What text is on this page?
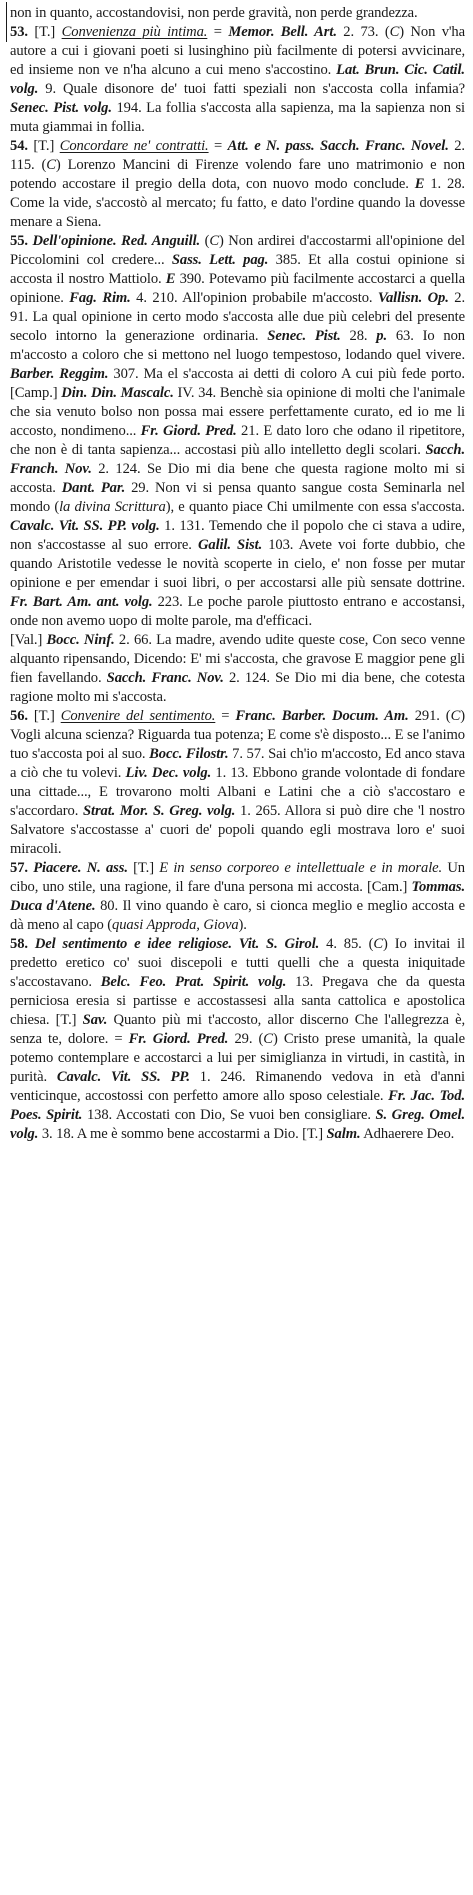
non in quanto, accostandovisi, non perde gravità, non perde grandezza.

53. [T.] Convenienza più intima. = Memor. Bell. Art. 2. 73. (C) Non v'ha autore a cui i giovani poeti si lusinghino più facilmente di potersi avvicinare, ed insieme non ve n'ha alcuno a cui meno s'accostino. Lat. Brun. Cic. Catil. volg. 9. Quale disonore de' tuoi fatti speziali non s'accosta colla infamia? Senec. Pist. volg. 194. La follia s'accosta alla sapienza, ma la sapienza non si muta giammai in follia.

54. [T.] Concordare ne' contratti. = Att. e N. pass. Sacch. Franc. Novel. 2. 115. (C) Lorenzo Mancini di Firenze volendo fare uno matrimonio e non potendo accostare il pregio della dota, con nuovo modo conclude. E 1. 28. Come la vide, s'accostò al mercato; fu fatto, e dato l'ordine quando la dovesse menare a Siena.

55. Dell'opinione. Red. Anguill. (C) Non ardirei d'accostarmi all'opinione del Piccolomini col credere... Sass. Lett. pag. 385. Et alla costui opinione si accosta il nostro Mattiolo. E 390. Potevamo più facilmente accostarci a quella opinione. Fag. Rim. 4. 210. All'opinion probabile m'accosto. Vallisn. Op. 2. 91. La qual opinione in certo modo s'accosta alle due più celebri del presente secolo intorno la generazione ordinaria. Senec. Pist. 28. p. 63. Io non m'accosto a coloro che si mettono nel luogo tempestoso, lodando quel vivere. Barber. Reggim. 307. Ma el s'accosta ai detti di coloro A cui più fede porto. [Camp.] Din. Din. Mascalc. IV. 34. Benchè sia opinione di molti che l'animale che sia venuto bolso non possa mai essere perfettamente curato, ed io me li accosto, nondimeno... Fr. Giord. Pred. 21. E dato loro che odano il ripetitore, che non è di tanta sapienza... accostasi più allo intelletto degli scolari. Sacch. Franch. Nov. 2. 124. Se Dio mi dia bene che questa ragione molto mi si accosta. Dant. Par. 29. Non vi si pensa quanto sangue costa Seminarla nel mondo (la divina Scrittura), e quanto piace Chi umilmente con essa s'accosta. Cavalc. Vit. SS. PP. volg. 1. 131. Temendo che il popolo che ci stava a udire, non s'accostasse al suo errore. Galil. Sist. 103. Avete voi forte dubbio, che quando Aristotile vedesse le novità scoperte in cielo, e' non fosse per mutar opinione e per emendar i suoi libri, o per accostarsi alle più sensate dottrine. Fr. Bart. Am. ant. volg. 223. Le poche parole piuttosto entrano e accostansi, onde non avemo uopo di molte parole, ma d'efficaci.

[Val.] Bocc. Ninf. 2. 66. La madre, avendo udite queste cose, Con seco venne alquanto ripensando, Dicendo: E' mi s'accosta, che gravose E maggior pene gli fien favellando. Sacch. Franc. Nov. 2. 124. Se Dio mi dia bene, che cotesta ragione molto mi s'accosta.

56. [T.] Convenire del sentimento. = Franc. Barber. Docum. Am. 291. (C) Vogli alcuna scienza? Riguarda tua potenza; E come s'è disposto... E se l'animo tuo s'accosta poi al suo. Bocc. Filostr. 7. 57. Sai ch'io m'accosto, Ed anco stava a ciò che tu volevi. Liv. Dec. volg. 1. 13. Ebbono grande volontade di fondare una cittade..., E trovarono molti Albani e Latini che a ciò s'accostaro e s'accordaro. Strat. Mor. S. Greg. volg. 1. 265. Allora si può dire che 'l nostro Salvatore s'accostasse a' cuori de' popoli quando egli mostrava loro e' suoi miracoli.

57. Piacere. N. ass. [T.] E in senso corporeo e intellettuale e in morale. Un cibo, uno stile, una ragione, il fare d'una persona mi accosta. [Cam.] Tommas. Duca d'Atene. 80. Il vino quando è caro, si cionca meglio e meglio accosta e dà meno al capo (quasi Approda, Giova).

58. Del sentimento e idee religiose. Vit. S. Girol. 4. 85. (C) Io invitai il predetto eretico co' suoi discepoli e tutti quelli che a questa iniquitade s'accostavano. Belc. Feo. Prat. Spirit. volg. 13. Pregava che da questa perniciosa eresia si partisse e accostassesi alla santa cattolica e apostolica chiesa. [T.] Sav. Quanto più mi t'accosto, allor discerno Che l'allegrezza è, senza te, dolore. = Fr. Giord. Pred. 29. (C) Cristo prese umanità, la quale potemo contemplare e accostarci a lui per simiglianza in virtudi, in castità, in purità. Cavalc. Vit. SS. PP. 1. 246. Rimanendo vedova in età d'anni venticinque, accostossi con perfetto amore allo sposo celestiale. Fr. Jac. Tod. Poes. Spirit. 138. Accostati con Dio, Se vuoi ben consigliare. S. Greg. Omel. volg. 3. 18. A me è sommo bene accostarmi a Dio. [T.] Salm. Adhaerere Deo.
